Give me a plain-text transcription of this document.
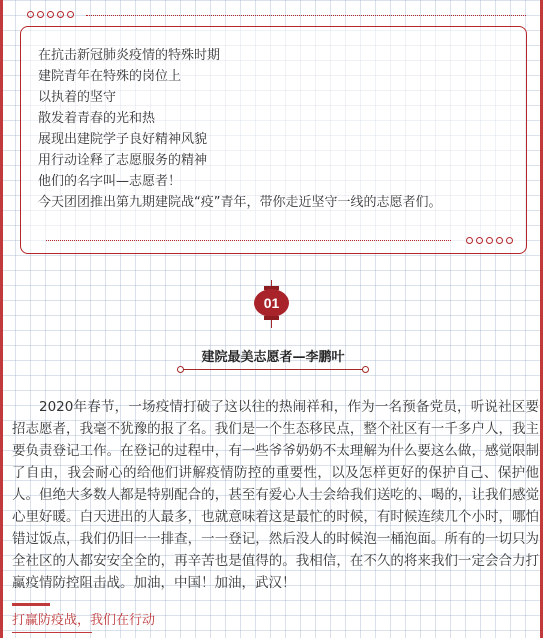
在抗击新冠肺炎疫情的特殊时期
建院青年在特殊的岗位上
以执着的坚守
散发着青春的光和热
展现出建院学子良好精神风貌
用行动诠释了志愿服务的精神
他们的名字叫—志愿者！
今天团团推出第九期建院战“疫”青年，带你走近坚守一线的志愿者们。
01
建院最美志愿者—李鹏叶
2020年春节，一场疫情打破了这以往的热闹祥和，作为一名预备党员，听说社区要招志愿者，我毫不犹豫的报了名。我们是一个生态移民点，整个社区有一千多户人，我主要负责登记工作。在登记的过程中，有一些爷爷奶奶不太理解为什么要这么做，感觉限制了自由，我会耐心的给他们讲解疫情防控的重要性，以及怎样更好的保护自己、保护他人。但绝大多数人都是特别配合的，甚至有爱心人士会给我们送吃的、喝的，让我们感觉心里好暖。白天进出的人最多，也就意味着这是最忙的时候，有时候连续几个小时，哪怕错过饭点，我们仍旧一一排查，一一登记，然后没人的时候泡一桶泡面。所有的一切只为全社区的人都安安全全的，再辛苦也是值得的。我相信，在不久的将来我们一定会合力打赢疫情防控阻击战。加油，中国！加油，武汉！
打赢防疫战，我们在行动
